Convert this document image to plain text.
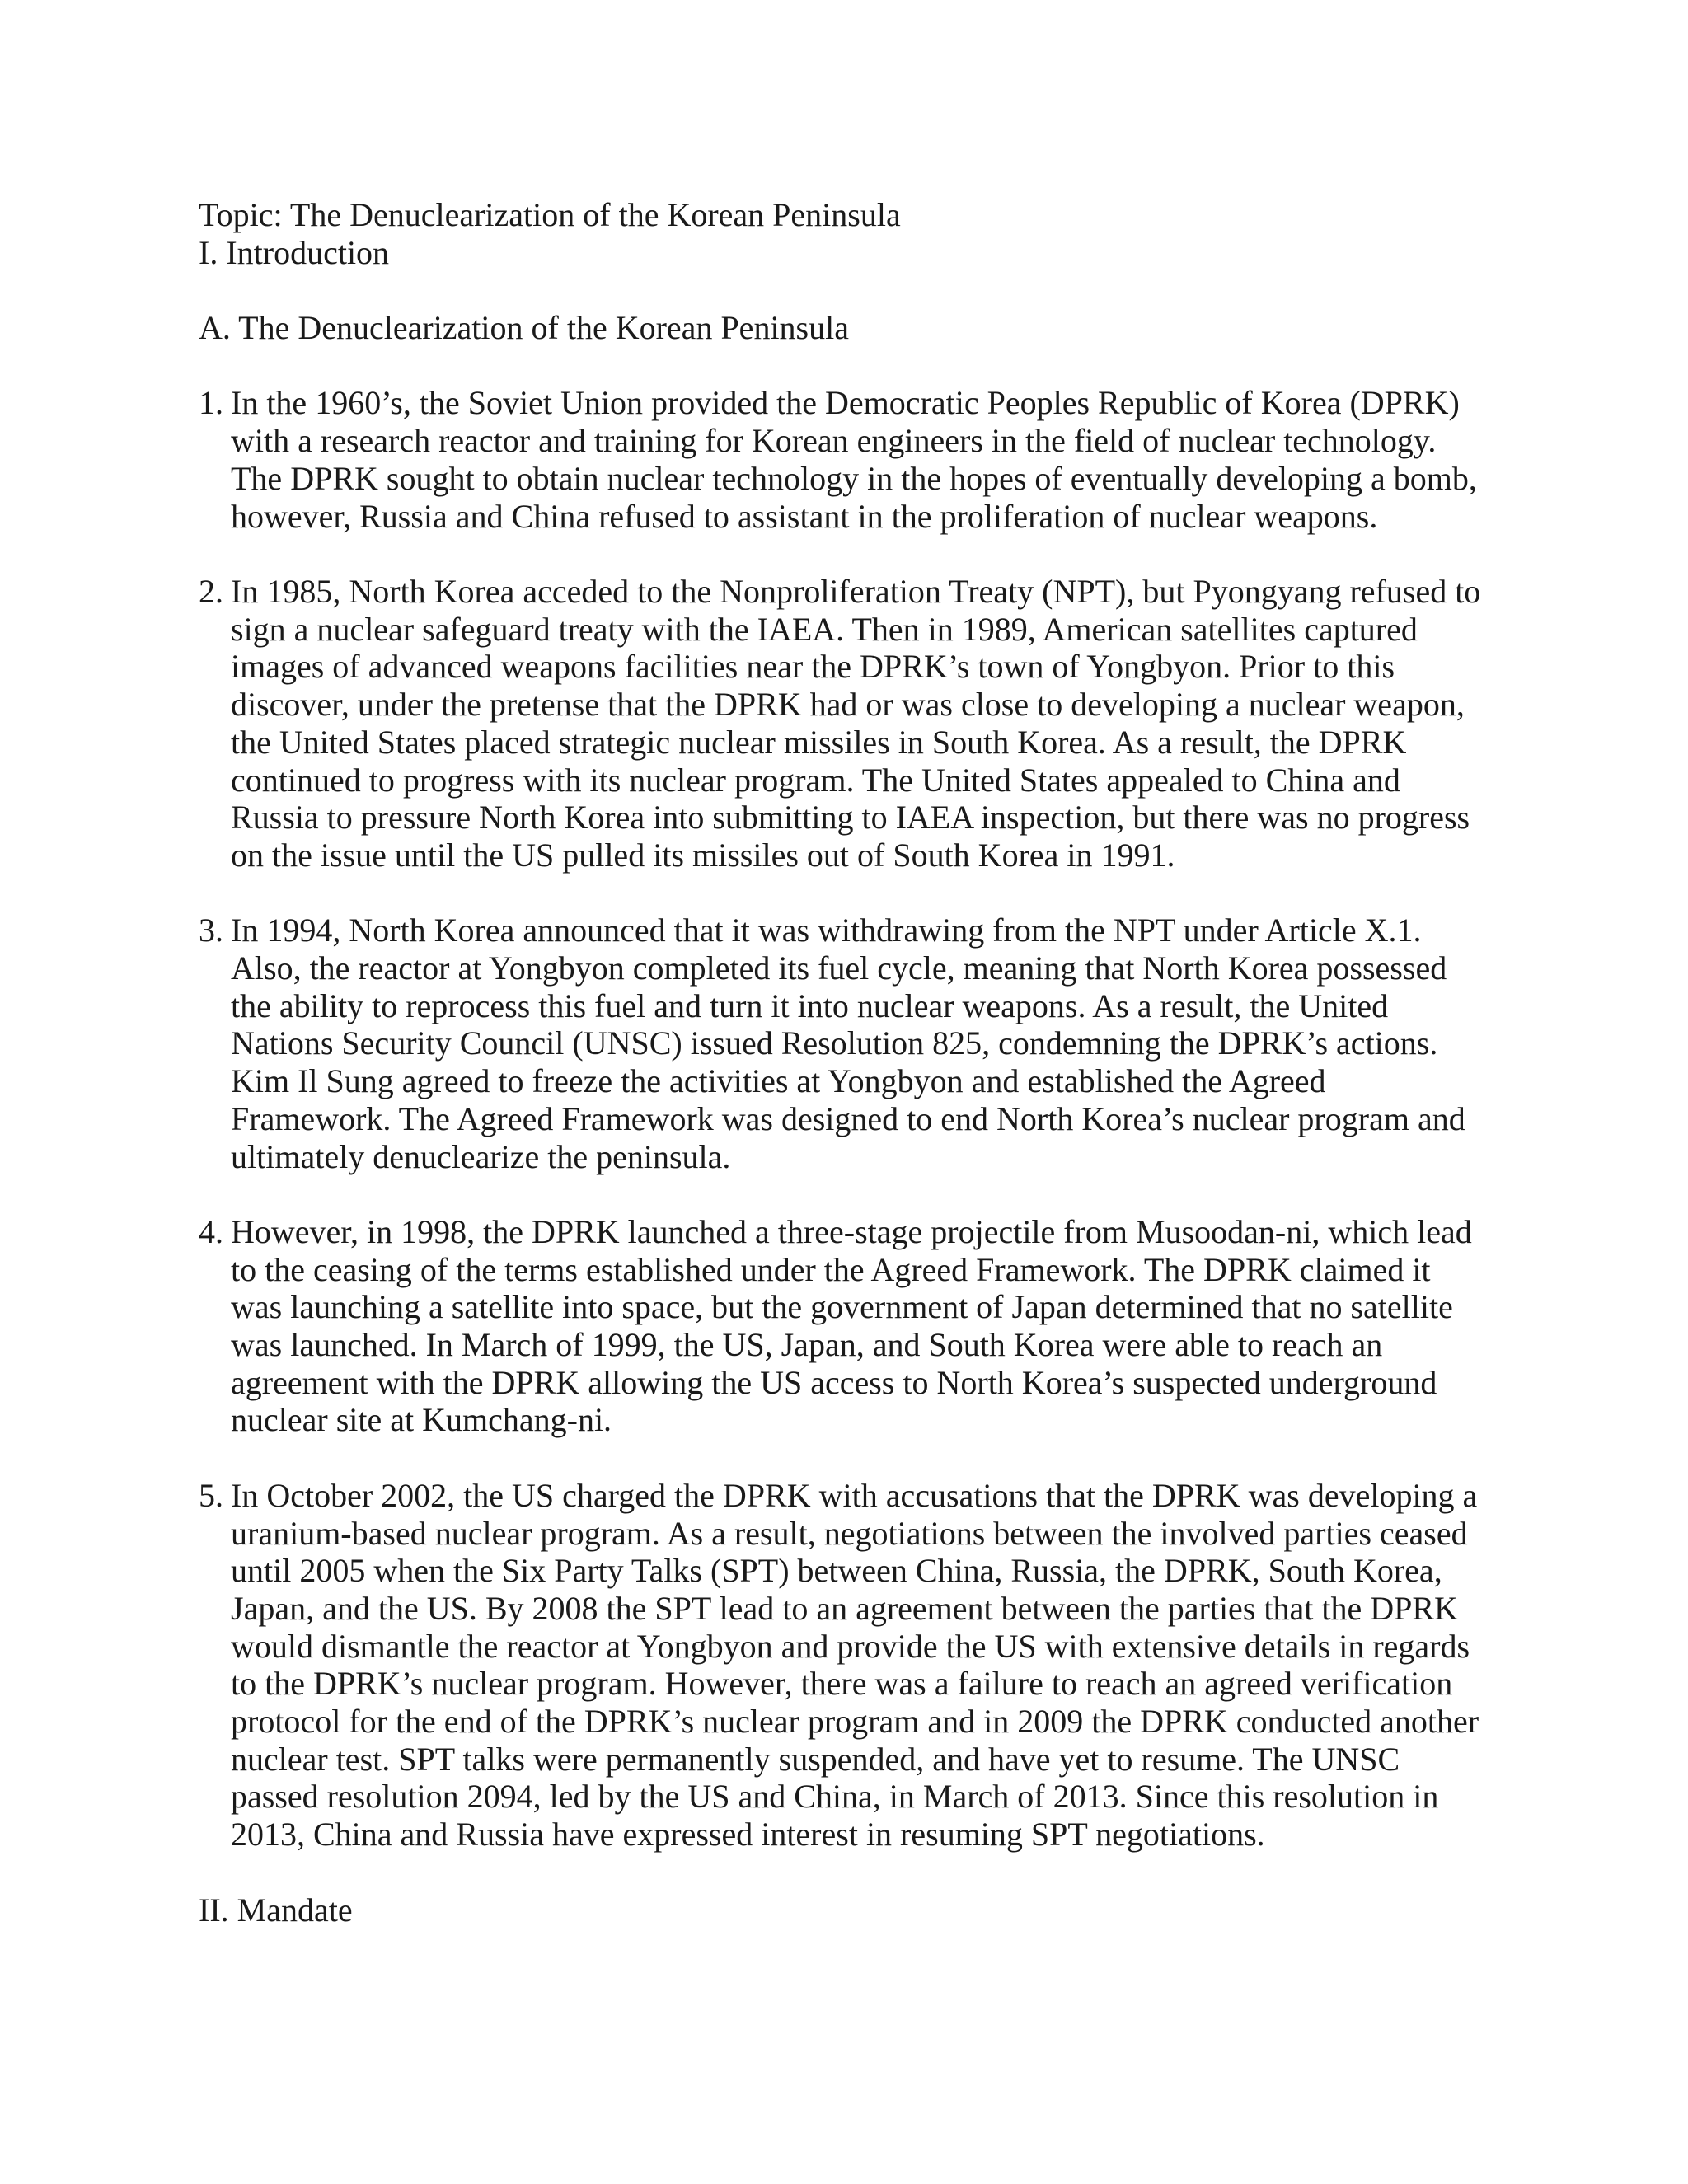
Topic: The Denuclearization of the Korean Peninsula
I. Introduction
A. The Denuclearization of the Korean Peninsula
1. In the 1960’s, the Soviet Union provided the Democratic Peoples Republic of Korea (DPRK)
with a research reactor and training for Korean engineers in the field of nuclear technology.
The DPRK sought to obtain nuclear technology in the hopes of eventually developing a bomb,
however, Russia and China refused to assistant in the proliferation of nuclear weapons.
2. In 1985, North Korea acceded to the Nonproliferation Treaty (NPT), but Pyongyang refused to
sign a nuclear safeguard treaty with the IAEA. Then in 1989, American satellites captured
images of advanced weapons facilities near the DPRK’s town of Yongbyon. Prior to this
discover, under the pretense that the DPRK had or was close to developing a nuclear weapon,
the United States placed strategic nuclear missiles in South Korea. As a result, the DPRK
continued to progress with its nuclear program. The United States appealed to China and
Russia to pressure North Korea into submitting to IAEA inspection, but there was no progress
on the issue until the US pulled its missiles out of South Korea in 1991.
3. In 1994, North Korea announced that it was withdrawing from the NPT under Article X.1.
Also, the reactor at Yongbyon completed its fuel cycle, meaning that North Korea possessed
the ability to reprocess this fuel and turn it into nuclear weapons. As a result, the United
Nations Security Council (UNSC) issued Resolution 825, condemning the DPRK’s actions.
Kim Il Sung agreed to freeze the activities at Yongbyon and established the Agreed
Framework. The Agreed Framework was designed to end North Korea’s nuclear program and
ultimately denuclearize the peninsula.
4. However, in 1998, the DPRK launched a three-stage projectile from Musoodan-ni, which lead
to the ceasing of the terms established under the Agreed Framework. The DPRK claimed it
was launching a satellite into space, but the government of Japan determined that no satellite
was launched. In March of 1999, the US, Japan, and South Korea were able to reach an
agreement with the DPRK allowing the US access to North Korea’s suspected underground
nuclear site at Kumchang-ni.
5. In October 2002, the US charged the DPRK with accusations that the DPRK was developing a
uranium-based nuclear program. As a result, negotiations between the involved parties ceased
until 2005 when the Six Party Talks (SPT) between China, Russia, the DPRK, South Korea,
Japan, and the US. By 2008 the SPT lead to an agreement between the parties that the DPRK
would dismantle the reactor at Yongbyon and provide the US with extensive details in regards
to the DPRK’s nuclear program. However, there was a failure to reach an agreed verification
protocol for the end of the DPRK’s nuclear program and in 2009 the DPRK conducted another
nuclear test. SPT talks were permanently suspended, and have yet to resume. The UNSC
passed resolution 2094, led by the US and China, in March of 2013. Since this resolution in
2013, China and Russia have expressed interest in resuming SPT negotiations.
II. Mandate
